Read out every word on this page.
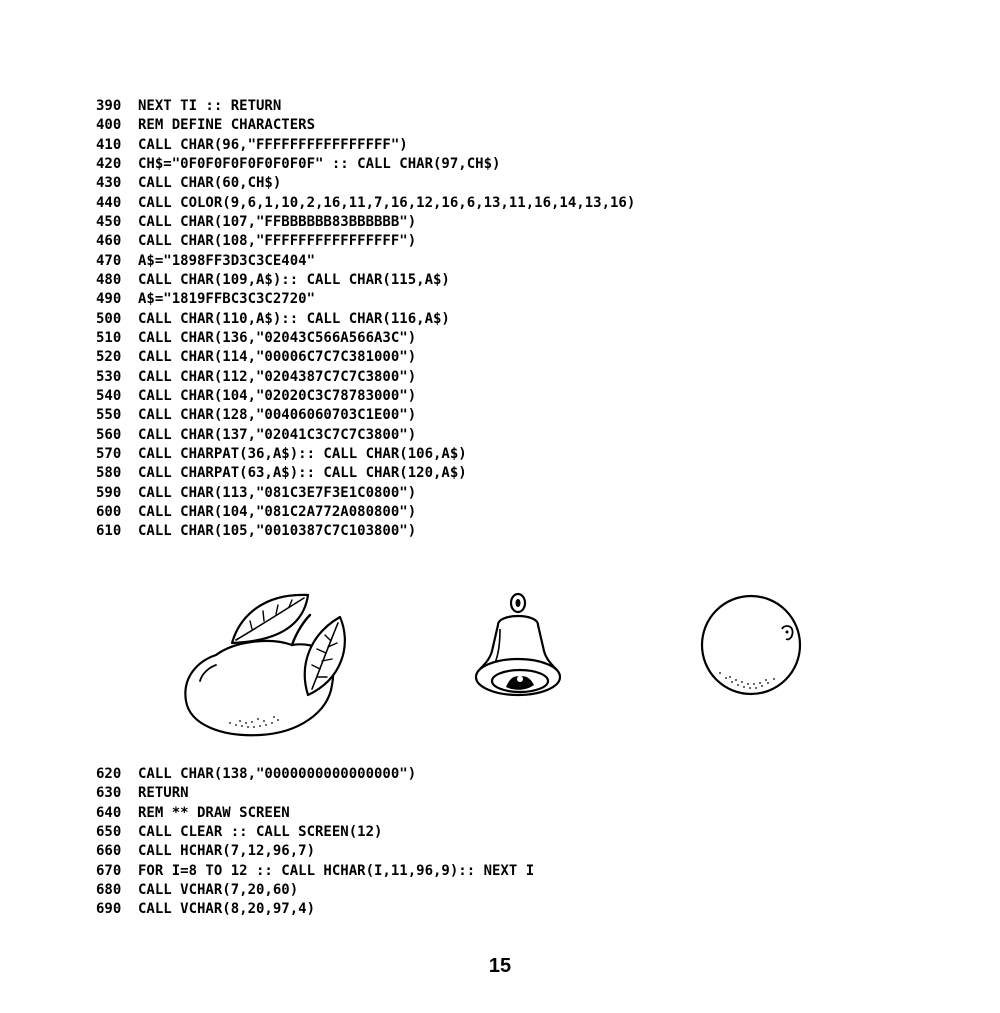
390 NEXT TI :: RETURN
400 REM DEFINE CHARACTERS
410 CALL CHAR(96,"FFFFFFFFFFFFFFFF")
420 CH$="0F0F0F0F0F0F0F0F" :: CALL CHAR(97,CH$)
430 CALL CHAR(60,CH$)
440 CALL COLOR(9,6,1,10,2,16,11,7,16,12,16,6,13,11,16,14,13,16)
450 CALL CHAR(107,"FFBBBBBB83BBBBBB")
460 CALL CHAR(108,"FFFFFFFFFFFFFFFF")
470 A$="1898FF3D3C3CE404"
480 CALL CHAR(109,A$):: CALL CHAR(115,A$)
490 A$="1819FFBC3C3C2720"
500 CALL CHAR(110,A$):: CALL CHAR(116,A$)
510 CALL CHAR(136,"02043C566A566A3C")
520 CALL CHAR(114,"00006C7C7C381000")
530 CALL CHAR(112,"0204387C7C7C3800")
540 CALL CHAR(104,"02020C3C78783000")
550 CALL CHAR(128,"00406060703C1E00")
560 CALL CHAR(137,"02041C3C7C7C3800")
570 CALL CHARPAT(36,A$):: CALL CHAR(106,A$)
580 CALL CHARPAT(63,A$):: CALL CHAR(120,A$)
590 CALL CHAR(113,"081C3E7F3E1C0800")
600 CALL CHAR(104,"081C2A772A080800")
610 CALL CHAR(105,"0010387C7C103800")
620 CALL CHAR(138,"0000000000000000")
630 RETURN
640 REM ** DRAW SCREEN
650 CALL CLEAR :: CALL SCREEN(12)
660 CALL HCHAR(7,12,96,7)
670 FOR I=8 TO 12 :: CALL HCHAR(I,11,96,9):: NEXT I
680 CALL VCHAR(7,20,60)
690 CALL VCHAR(8,20,97,4)
15
